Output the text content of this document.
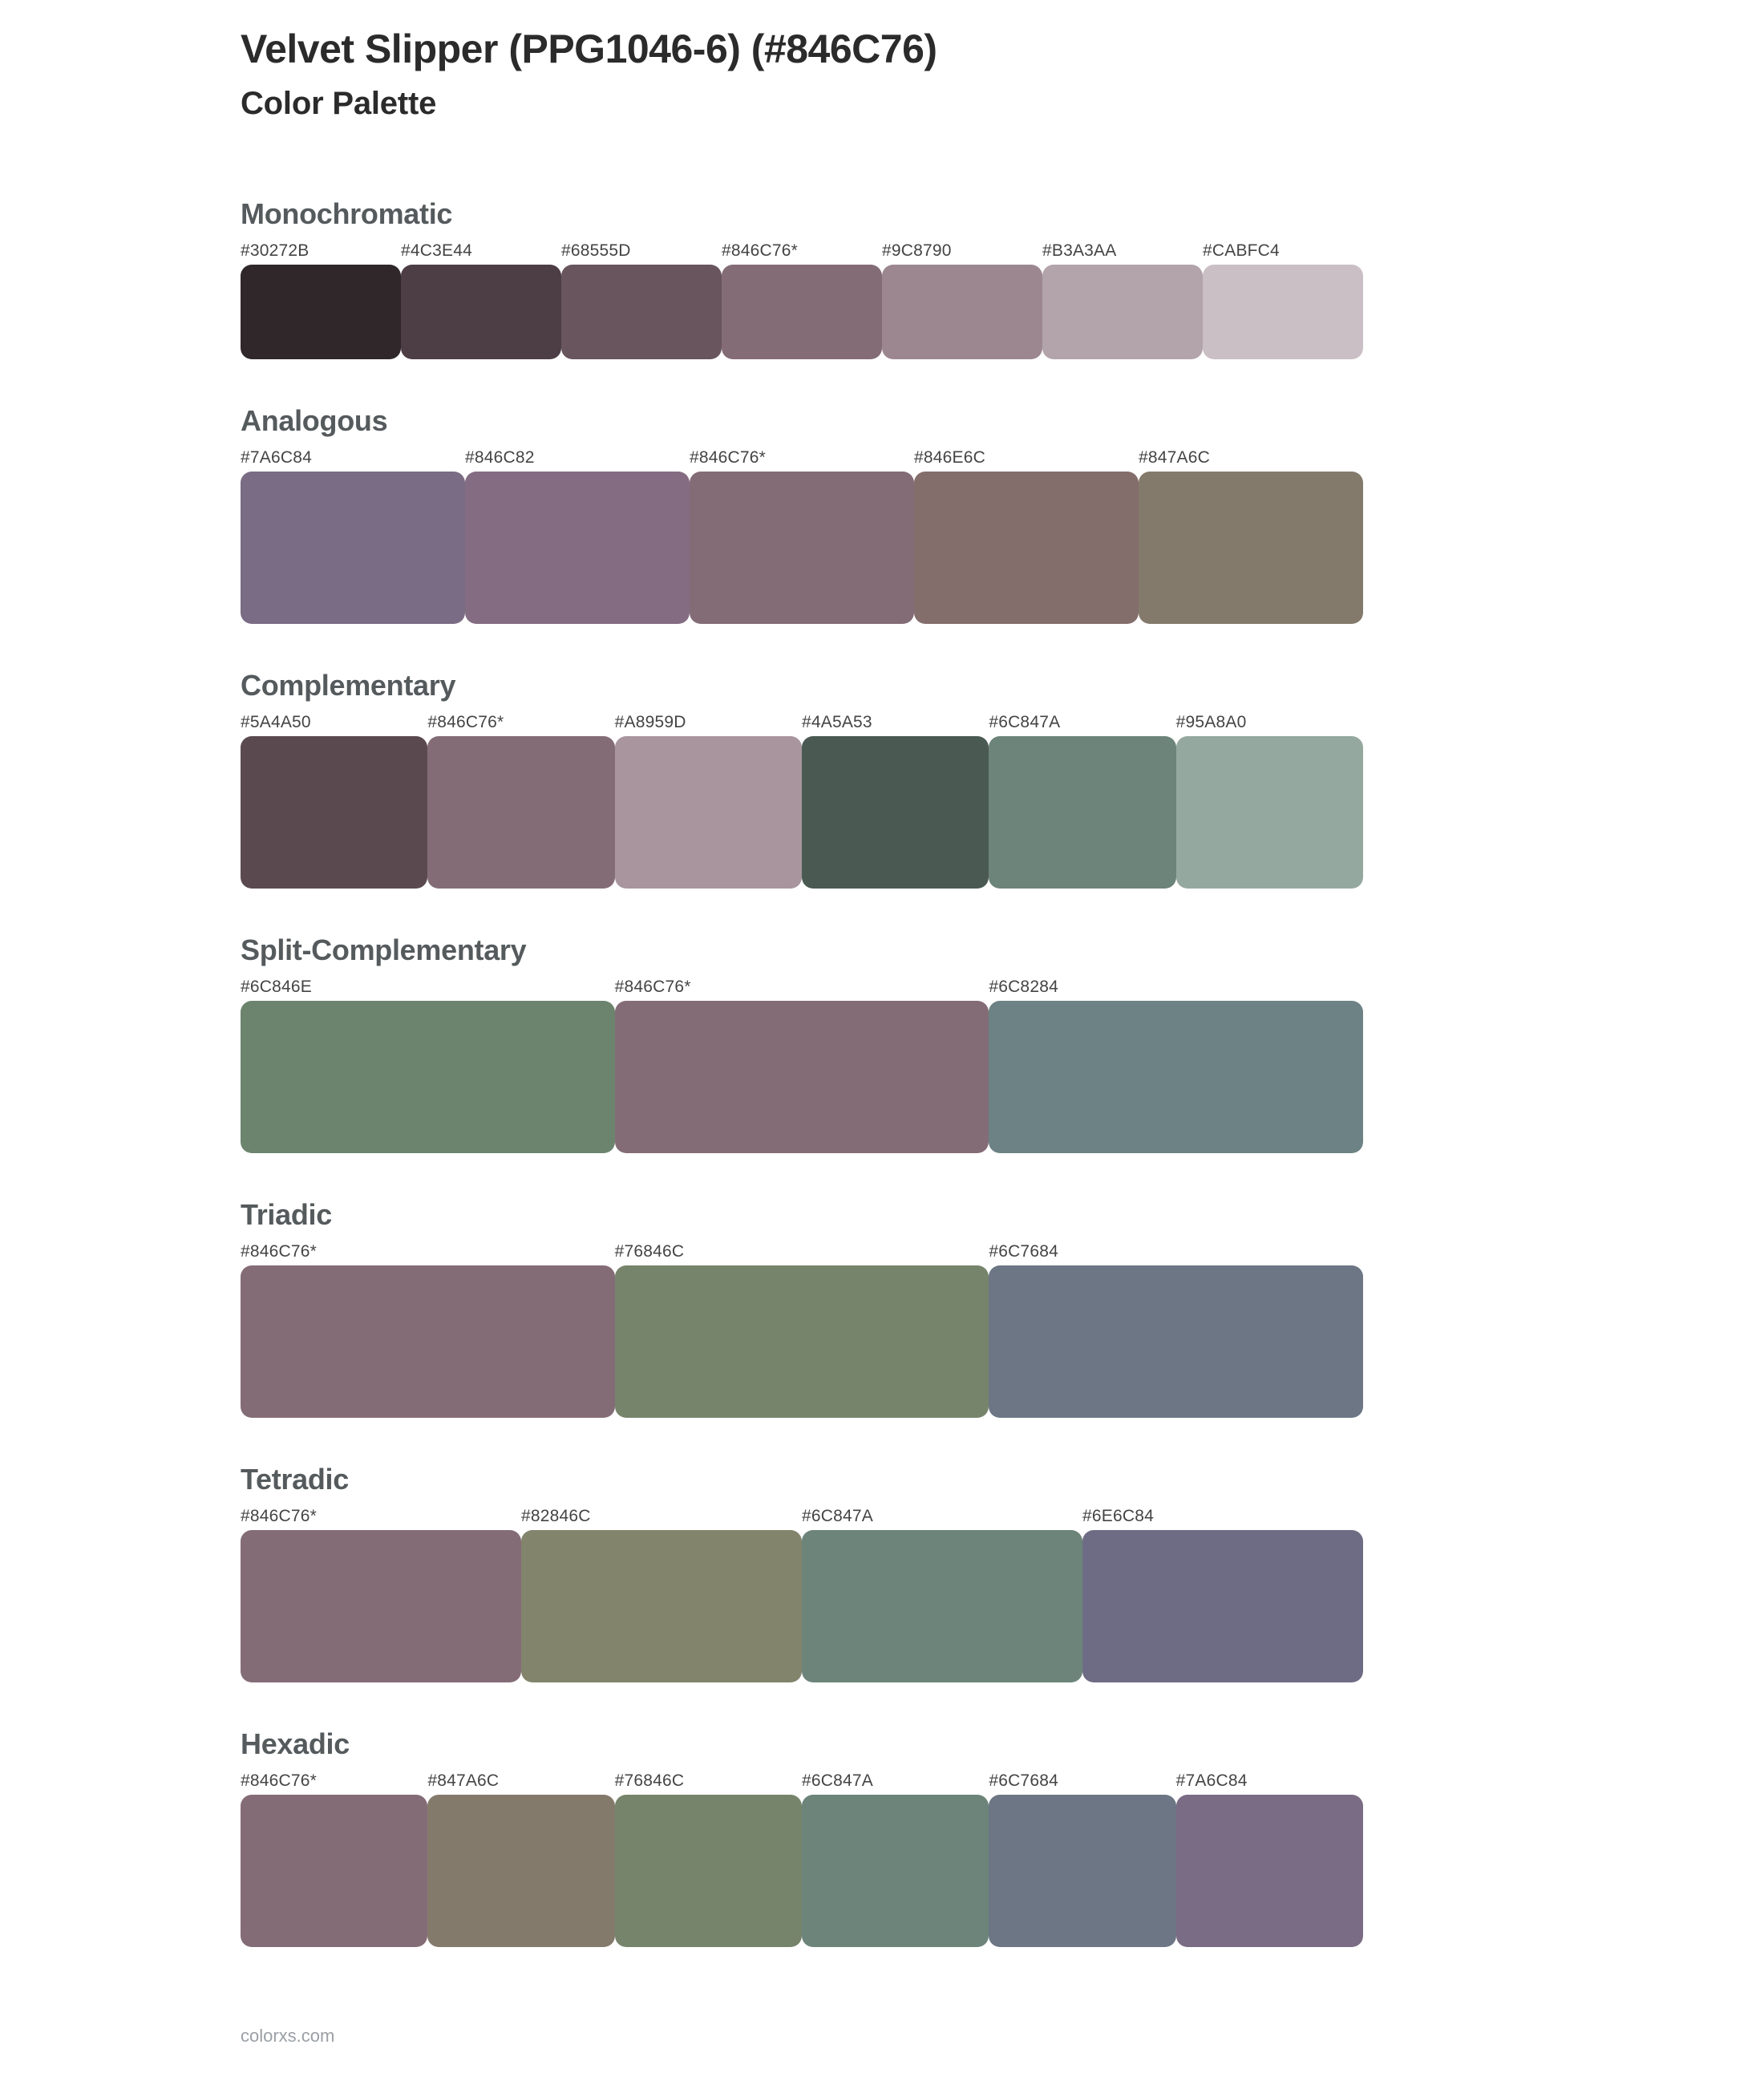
Velvet Slipper (PPG1046-6) (#846C76)
Color Palette
Monochromatic
#30272B	#4C3E44	#68555D	#846C76*	#9C8790	#B3A3AA	#CABFC4
Analogous
#7A6C84	#846C82	#846C76*	#846E6C	#847A6C
Complementary
#5A4A50	#846C76*	#A8959D	#4A5A53	#6C847A	#95A8A0
Split-Complementary
#6C846E	#846C76*	#6C8284
Triadic
#846C76*	#76846C	#6C7684
Tetradic
#846C76*	#82846C	#6C847A	#6E6C84
Hexadic
#846C76*	#847A6C	#76846C	#6C847A	#6C7684	#7A6C84
colorxs.com
